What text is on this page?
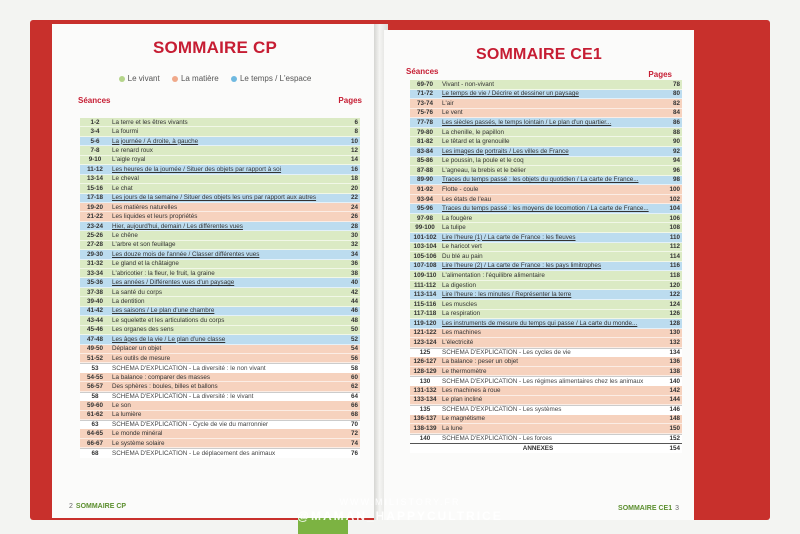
SOMMAIRE CP
Le vivant	La matière	Le temps / L'espace
Séances	Pages
1-2	La terre et les êtres vivants	6
3-4	La fourmi	8
5-6	La journée / À droite, à gauche	10
7-8	Le renard roux	12
9-10	L'aigle royal	14
11-12	Les heures de la journée / Situer des objets par rapport à soi	16
13-14	Le cheval	18
15-16	Le chat	20
17-18	Les jours de la semaine / Situer des objets les uns par rapport aux autres	22
19-20	Les matières naturelles	24
21-22	Les liquides et leurs propriétés	26
23-24	Hier, aujourd'hui, demain / Les différentes vues	28
25-26	Le chêne	30
27-28	L'arbre et son feuillage	32
29-30	Les douze mois de l'année / Classer différentes vues	34
31-32	Le gland et la châtaigne	36
33-34	L'abricotier : la fleur, le fruit, la graine	38
35-36	Les années / Différentes vues d'un paysage	40
37-38	La santé du corps	42
39-40	La dentition	44
41-42	Les saisons / Le plan d'une chambre	46
43-44	Le squelette et les articulations du corps	48
45-46	Les organes des sens	50
47-48	Les âges de la vie / Le plan d'une classe	52
49-50	Déplacer un objet	54
51-52	Les outils de mesure	56
53	SCHÉMA D'EXPLICATION - La diversité : le non vivant	58
54-55	La balance : comparer des masses	60
56-57	Des sphères : boules, billes et ballons	62
58	SCHÉMA D'EXPLICATION - La diversité : le vivant	64
59-60	Le son	66
61-62	La lumière	68
63	SCHÉMA D'EXPLICATION - Cycle de vie du marronnier	70
64-65	Le monde minéral	72
66-67	Le système solaire	74
68	SCHÉMA D'EXPLICATION - Le déplacement des animaux	76
2 SOMMAIRE CP
SOMMAIRE CE1
Séances	Pages
69-70	Vivant - non-vivant	78
71-72	Le temps de vie / Décrire et dessiner un paysage	80
73-74	L'air	82
75-76	Le vent	84
77-78	Les siècles passés, le temps lointain / Le plan d'un quartier...	86
79-80	La chenille, le papillon	88
81-82	Le têtard et la grenouille	90
83-84	Les images de portraits / Les villes de France	92
85-86	Le poussin, la poule et le coq	94
87-88	L'agneau, la brebis et le bélier	96
89-90	Traces du temps passé : les objets du quotidien / La carte de France...	98
91-92	Flotte - coule	100
93-94	Les états de l'eau	102
95-96	Traces du temps passé : les moyens de locomotion / La carte de France...	104
97-98	La fougère	106
99-100	La tulipe	108
101-102 Lire l'heure (1) / La carte de France : les fleuves	110
103-104 Le haricot vert	112
105-106 Du blé au pain	114
107-108 Lire l'heure (2) / La carte de France : les pays limitrophes	116
109-110 L'alimentation : l'équilibre alimentaire	118
111-112 La digestion	120
113-114 Lire l'heure : les minutes / Représenter la terre	122
115-116 Les muscles	124
117-118 La respiration	126
119-120 Les instruments de mesure du temps qui passe / La carte du monde...	128
121-122 Les machines	130
123-124 L'électricité	132
125	SCHÉMA D'EXPLICATION - Les cycles de vie	134
126-127 La balance : peser un objet	136
128-129 Le thermomètre	138
130	SCHÉMA D'EXPLICATION - Les régimes alimentaires chez les animaux	140
131-132 Les machines à roue	142
133-134 Le plan incliné	144
135	SCHÉMA D'EXPLICATION - Les systèmes	146
136-137 Le magnétisme	148
138-139 La lune	150
140	SCHÉMA D'EXPLICATION - Les forces	152
ANNEXES	154
SOMMAIRE CE1 3
WWW.MILISTORY.FR
@MAMAN_HAPPYCULTRICE
